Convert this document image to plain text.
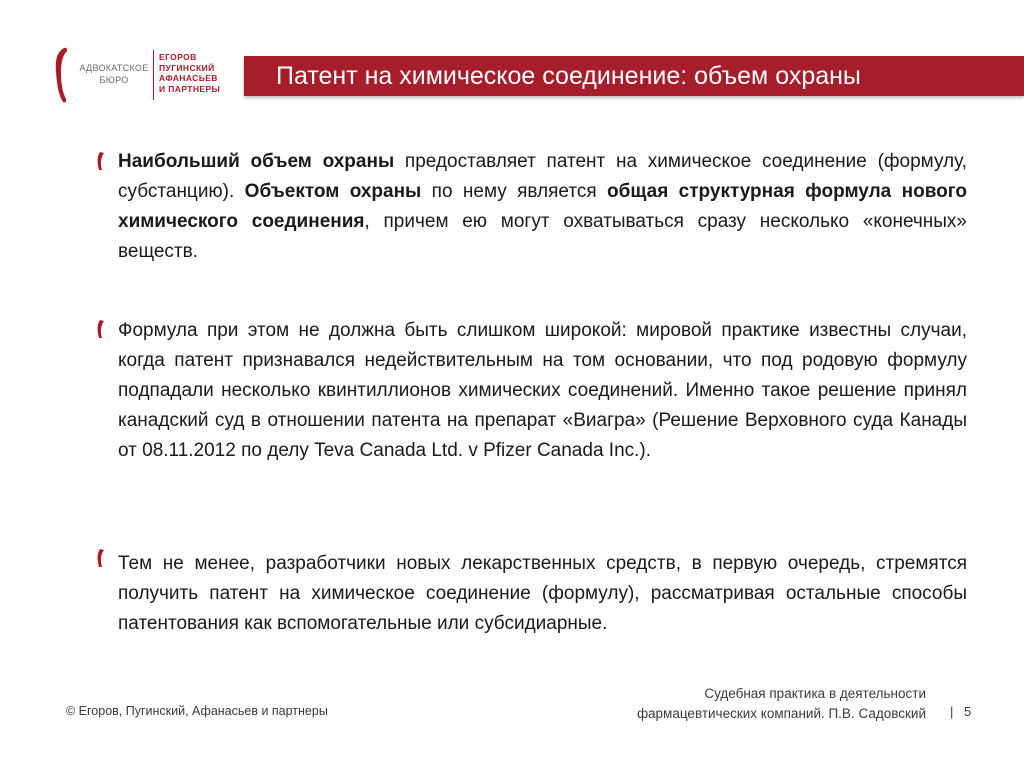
АДВОКАТСКОЕ
БЮРО
ЕГОРОВ
ПУГИНСКИЙ
АФАНАСЬЕВ
И ПАРТНЕРЫ Патент на химическое соединение: объем охраны
Наибольший объем охраны предоставляет патент на химическое соединение (формулу, субстанцию). Объектом охраны по нему является общая структурная формула нового химического соединения, причем ею могут охватываться сразу несколько «конечных» веществ.
Формула при этом не должна быть слишком широкой: мировой практике известны случаи, когда патент признавался недействительным на том основании, что под родовую формулу подпадали несколько квинтиллионов химических соединений. Именно такое решение принял канадский суд в отношении патента на препарат «Виагра» (Решение Верховного суда Канады от 08.11.2012 по делу Teva Canada Ltd. v Pfizer Canada Inc.).
Тем не менее, разработчики новых лекарственных средств, в первую очередь, стремятся получить патент на химическое соединение (формулу), рассматривая остальные способы патентования как вспомогательные или субсидиарные.
© Егоров, Пугинский, Афанасьев и партнеры
Судебная практика в деятельности
фармацевтических компаний. П.В. Садовский | 5
